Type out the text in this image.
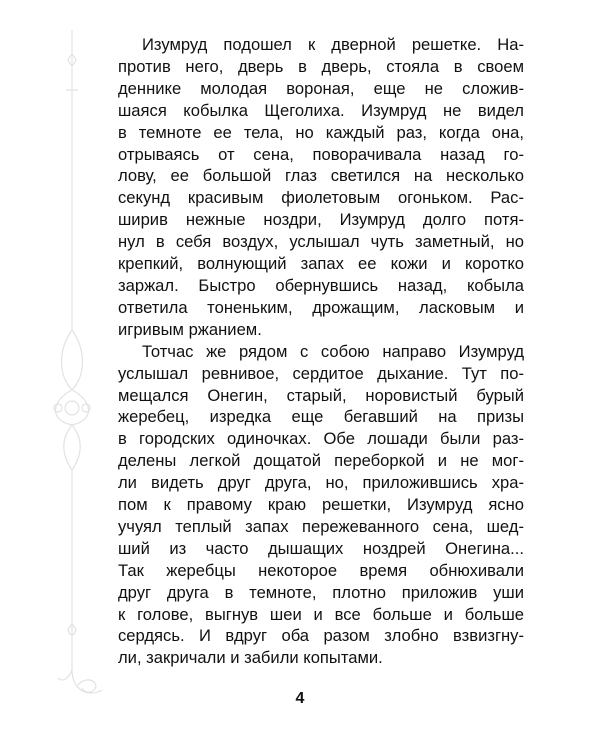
Изумруд подошел к дверной решетке. На-
против него, дверь в дверь, стояла в своем
деннике молодая вороная, еще не сложив-
шаяся кобылка Щеголиха. Изумруд не видел
в темноте ее тела, но каждый раз, когда она,
отрываясь от сена, поворачивала назад го-
лову, ее большой глаз светился на несколько
секунд красивым фиолетовым огоньком. Рас-
ширив нежные ноздри, Изумруд долго потя-
нул в себя воздух, услышал чуть заметный, но
крепкий, волнующий запах ее кожи и коротко
заржал. Быстро обернувшись назад, кобыла
ответила тоненьким, дрожащим, ласковым и
игривым ржанием.
Тотчас же рядом с собою направо Изумруд
услышал ревнивое, сердитое дыхание. Тут по-
мещался Онегин, старый, норовистый бурый
жеребец, изредка еще бегавший на призы
в городских одиночках. Обе лошади были раз-
делены легкой дощатой переборкой и не мог-
ли видеть друг друга, но, приложившись хра-
пом к правому краю решетки, Изумруд ясно
учуял теплый запах пережеванного сена, шед-
ший из часто дышащих ноздрей Онегина...
Так жеребцы некоторое время обнюхивали
друг друга в темноте, плотно приложив уши
к голове, выгнув шеи и все больше и больше
сердясь. И вдруг оба разом злобно взвизгну-
ли, закричали и забили копытами.
4
